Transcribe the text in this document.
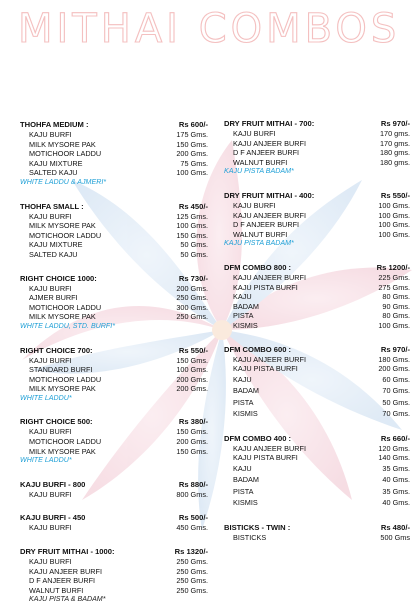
MITHAI COMBOS
THOHFA MEDIUM :	Rs 600/-
KAJU BURFI	175 Gms.
MILK MYSORE PAK	150 Gms.
MOTICHOOR LADDU	200 Gms.
KAJU MIXTURE	75 Gms.
SALTED KAJU	100 Gms.
WHITE LADDU & AJMERI*
THOHFA SMALL :	Rs 450/-
KAJU BURFI	125 Gms.
MILK MYSORE PAK	100 Gms.
MOTICHOOR LADDU	150 Gms.
KAJU MIXTURE	50 Gms.
SALTED KAJU	50 Gms.
RIGHT CHOICE 1000:	Rs 730/-
KAJU BURFI	200 Gms.
AJMER BURFI	250 Gms.
MOTICHOOR LADDU	300 Gms.
MILK MYSORE PAK	250 Gms.
WHITE LADDU, STD. BURFI*
RIGHT CHOICE 700:	Rs 550/-
KAJU BURFI	150 Gms.
STANDARD BURFI	100 Gms.
MOTICHOOR LADDU	200 Gms.
MILK MYSORE PAK	200 Gms.
WHITE LADDU*
RIGHT CHOICE 500:	Rs 380/-
KAJU BURFI	150 Gms.
MOTICHOOR LADDU	200 Gms.
MILK MYSORE PAK	150 Gms.
WHITE LADDU*
KAJU BURFI - 800	Rs 880/-
KAJU BURFI	800 Gms.
KAJU BURFI - 450	Rs 500/-
KAJU BURFI	450 Gms.
DRY FRUIT MITHAI - 1000:	Rs 1320/-
KAJU BURFI	250 Gms.
KAJU ANJEER BURFI	250 Gms.
D F ANJEER BURFI	250 Gms.
WALNUT BURFI	250 Gms.
KAJU PISTA & BADAM*
DRY FRUIT MITHAI - 700:	Rs 970/-
KAJU BURFI	170 gms.
KAJU ANJEER BURFI	170 gms.
D F ANJEER BURFI	180 gms.
WALNUT BURFI	180 gms.
KAJU PISTA BADAM*
DRY FRUIT MITHAI - 400:	Rs 550/-
KAJU BURFI	100 Gms.
KAJU ANJEER BURFI	100 Gms.
D F ANJEER BURFI	100 Gms.
WALNUT BURFI	100 Gms.
KAJU PISTA BADAM*
DFM COMBO 800 :	Rs 1200/-
KAJU ANJEER BURFI	225 Gms.
KAJU PISTA BURFI	275 Gms.
KAJU	80 Gms.
BADAM	90 Gms.
PISTA	80 Gms.
KISMIS	100 Gms.
DFM COMBO 600 :	Rs 970/-
KAJU ANJEER BURFI	180 Gms.
KAJU PISTA BURFI	200 Gms.
KAJU	60 Gms.
BADAM	70 Gms.
PISTA	50 Gms.
KISMIS	70 Gms.
DFM COMBO 400 :	Rs 660/-
KAJU ANJEER BURFI	120 Gms.
KAJU PISTA BURFI	140 Gms.
KAJU	35 Gms.
BADAM	40 Gms.
PISTA	35 Gms.
KISMIS	40 Gms.
BISTICKS - TWIN :	Rs 480/-
BISTICKS	500 Gms
